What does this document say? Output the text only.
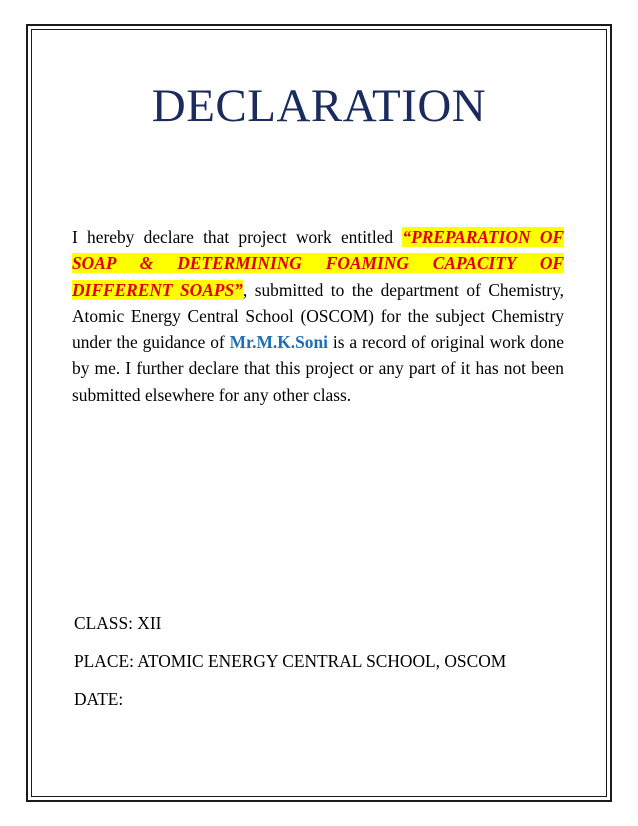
DECLARATION
I hereby declare that project work entitled “PREPARATION OF SOAP & DETERMINING FOAMING CAPACITY OF DIFFERENT SOAPS”, submitted to the department of Chemistry, Atomic Energy Central School (OSCOM) for the subject Chemistry under the guidance of Mr.M.K.Soni is a record of original work done by me. I further declare that this project or any part of it has not been submitted elsewhere for any other class.
CLASS: XII
PLACE: ATOMIC ENERGY CENTRAL SCHOOL, OSCOM
DATE:
